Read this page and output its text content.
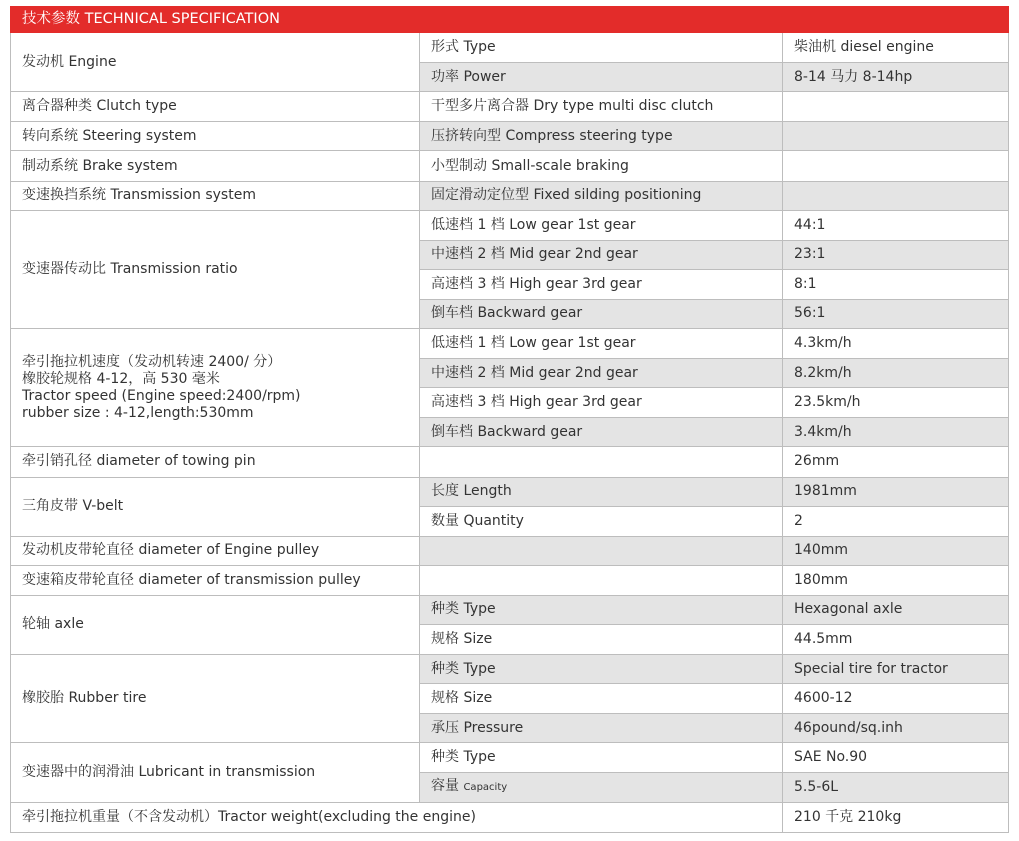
技术参数 TECHNICAL SPECIFICATION		
发动机 Engine	形式 Type	柴油机 diesel engine
	功率 Power	8-14 马力 8-14hp
离合器种类 Clutch type	干型多片离合器 Dry type multi disc clutch	
转向系统 Steering system	压挤转向型 Compress steering type	
制动系统 Brake system	小型制动 Small-scale braking	
变速换挡系统 Transmission system	固定滑动定位型 Fixed silding positioning	
变速器传动比 Transmission ratio	低速档 1 档 Low gear 1st gear	44:1
	中速档 2 档 Mid gear 2nd gear	23:1
	高速档 3 档 High gear 3rd gear	8:1
	倒车档 Backward gear	56:1

牵引拖拉机速度（发动机转速 2400/ 分）
橡胶轮规格 4-12，高 530 毫米
Tractor speed (Engine speed:2400/rpm)
rubber size : 4-12,length:530mm	低速档 1 档 Low gear 1st gear	4.3km/h
	中速档 2 档 Mid gear 2nd gear	8.2km/h
	高速档 3 档 High gear 3rd gear	23.5km/h
	倒车档 Backward gear	3.4km/h
牵引销孔径 diameter of towing pin		26mm
三角皮带 V-belt	长度 Length	1981mm
	数量 Quantity	2
发动机皮带轮直径 diameter of Engine pulley		140mm
变速箱皮带轮直径 diameter of transmission pulley		180mm
轮轴 axle	种类 Type	Hexagonal axle
	规格 Size	44.5mm
橡胶胎 Rubber tire	种类 Type	Special tire for tractor
	规格 Size	4600-12
	承压 Pressure	46pound/sq.inh
变速器中的润滑油 Lubricant in transmission	种类 Type	SAE No.90
	容量 Capacity	5.5-6L
牵引拖拉机重量（不含发动机）Tractor weight(excluding the engine)		210 千克 210kg
